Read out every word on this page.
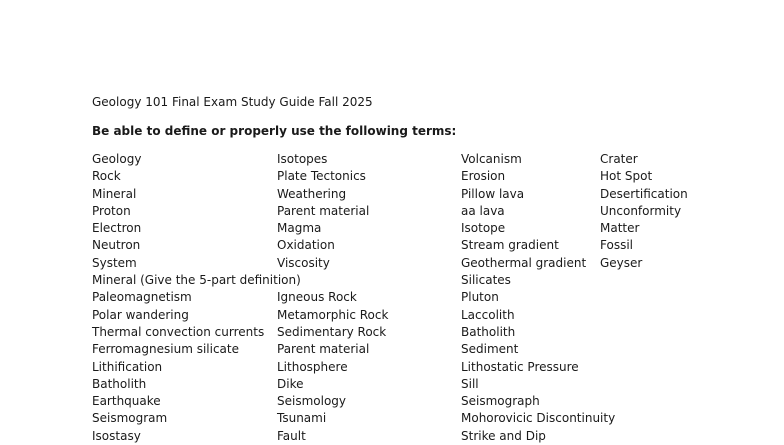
Geology 101 Final Exam Study Guide Fall 2025
Be able to define or properly use the following terms:
Geology
Rock
Mineral
Proton
Electron
Neutron
System
Mineral (Give the 5-part definition)
Paleomagnetism
Polar wandering
Thermal convection currents
Ferromagnesium silicate
Lithification
Batholith
Earthquake
Seismogram
Isostasy
Isotopes
Plate Tectonics
Weathering
Parent material
Magma
Oxidation
Viscosity
Igneous Rock
Metamorphic Rock
Sedimentary Rock
Parent material
Lithosphere
Dike
Seismology
Tsunami
Fault
Volcanism
Erosion
Pillow lava
aa lava
Isotope
Stream gradient
Geothermal gradient
Silicates
Pluton
Laccolith
Batholith
Sediment
Lithostatic Pressure
Sill
Seismograph
Mohorovicic Discontinuity
Strike and Dip
Crater
Hot Spot
Desertification
Unconformity
Matter
Fossil
Geyser
